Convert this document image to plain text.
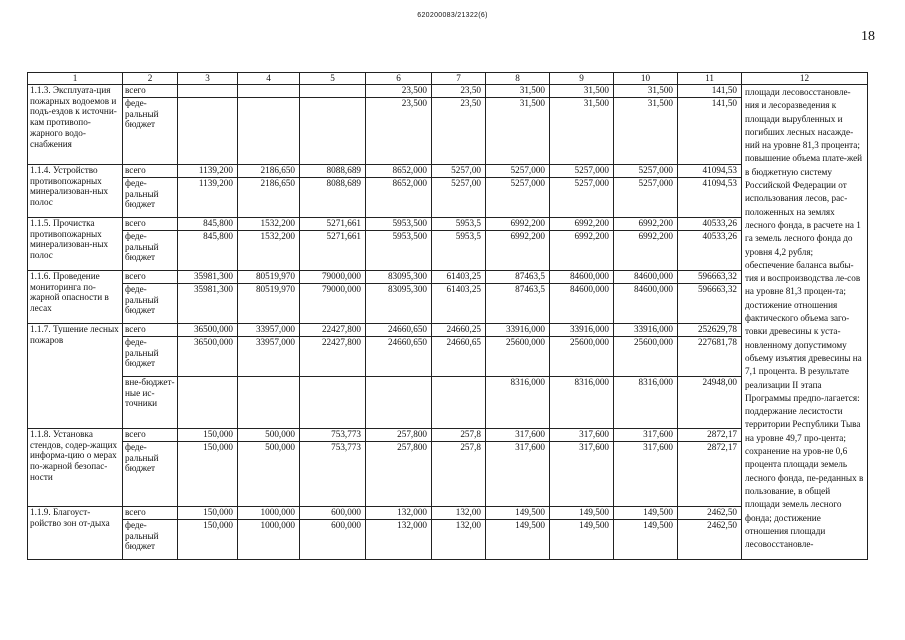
620200083/21322(6)
18
1	2	3	4	5	6	7	8	9	10	11	12
1.1.3. Эксплуата-ция пожарных водоемов и подъ-ездов к источни-кам противопо-жарного водо-снабжения	всего				23,500	23,50	31,500	31,500	31,500	141,50	площади лесовосстановле-ния и лесоразведения к площади вырубленных и погибших лесных насажде-ний на уровне 81,3 процента; повышение объема плате-жей в бюджетную систему Российской Федерации от использования лесов, рас-положенных на землях лесного фонда, в расчете на 1 га земель лесного фонда до уровня 4,2 рубля; обеспечение баланса выбы-тия и воспроизводства ле-сов на уровне 81,3 процен-та; достижение отношения фактического объема заго-товки древесины к уста-новленному допустимому объему изъятия древесины на 7,1 процента. В результате реализации II этапа Программы предпо-лагается: поддержание лесистости территории Республики Тыва на уровне 49,7 про-цента; сохранение на уров-не 0,6 процента площади земель лесного фонда, пе-реданных в пользование, в общей площади земель лесного фонда; достижение отношения площади лесовосстановле-
	феде-ральный бюджет				23,500	23,50	31,500	31,500	31,500	141,50	
1.1.4. Устройство противопожарных минерализован-ных полос	всего	1139,200	2186,650	8088,689	8652,000	5257,00	5257,000	5257,000	5257,000	41094,53	
	феде-ральный бюджет	1139,200	2186,650	8088,689	8652,000	5257,00	5257,000	5257,000	5257,000	41094,53	
1.1.5. Прочистка противопожарных минерализован-ных полос	всего	845,800	1532,200	5271,661	5953,500	5953,5	6992,200	6992,200	6992,200	40533,26	
	феде-ральный бюджет	845,800	1532,200	5271,661	5953,500	5953,5	6992,200	6992,200	6992,200	40533,26	
1.1.6. Проведение мониторинга по-жарной опасности в лесах	всего	35981,300	80519,970	79000,000	83095,300	61403,25	87463,5	84600,000	84600,000	596663,32	
	феде-ральный бюджет	35981,300	80519,970	79000,000	83095,300	61403,25	87463,5	84600,000	84600,000	596663,32	
1.1.7. Тушение лесных пожаров	всего	36500,000	33957,000	22427,800	24660,650	24660,25	33916,000	33916,000	33916,000	252629,78	
	феде-ральный бюджет	36500,000	33957,000	22427,800	24660,650	24660,65	25600,000	25600,000	25600,000	227681,78	
	вне-бюджет-ные ис-точники						8316,000	8316,000	8316,000	24948,00	
1.1.8. Установка стендов, содер-жащих информа-цию о мерах по-жарной безопас-ности	всего	150,000	500,000	753,773	257,800	257,8	317,600	317,600	317,600	2872,17	
	феде-ральный бюджет	150,000	500,000	753,773	257,800	257,8	317,600	317,600	317,600	2872,17	
1.1.9. Благоуст-ройство зон от-дыха	всего	150,000	1000,000	600,000	132,000	132,00	149,500	149,500	149,500	2462,50	
	феде-ральный бюджет	150,000	1000,000	600,000	132,000	132,00	149,500	149,500	149,500	2462,50	
